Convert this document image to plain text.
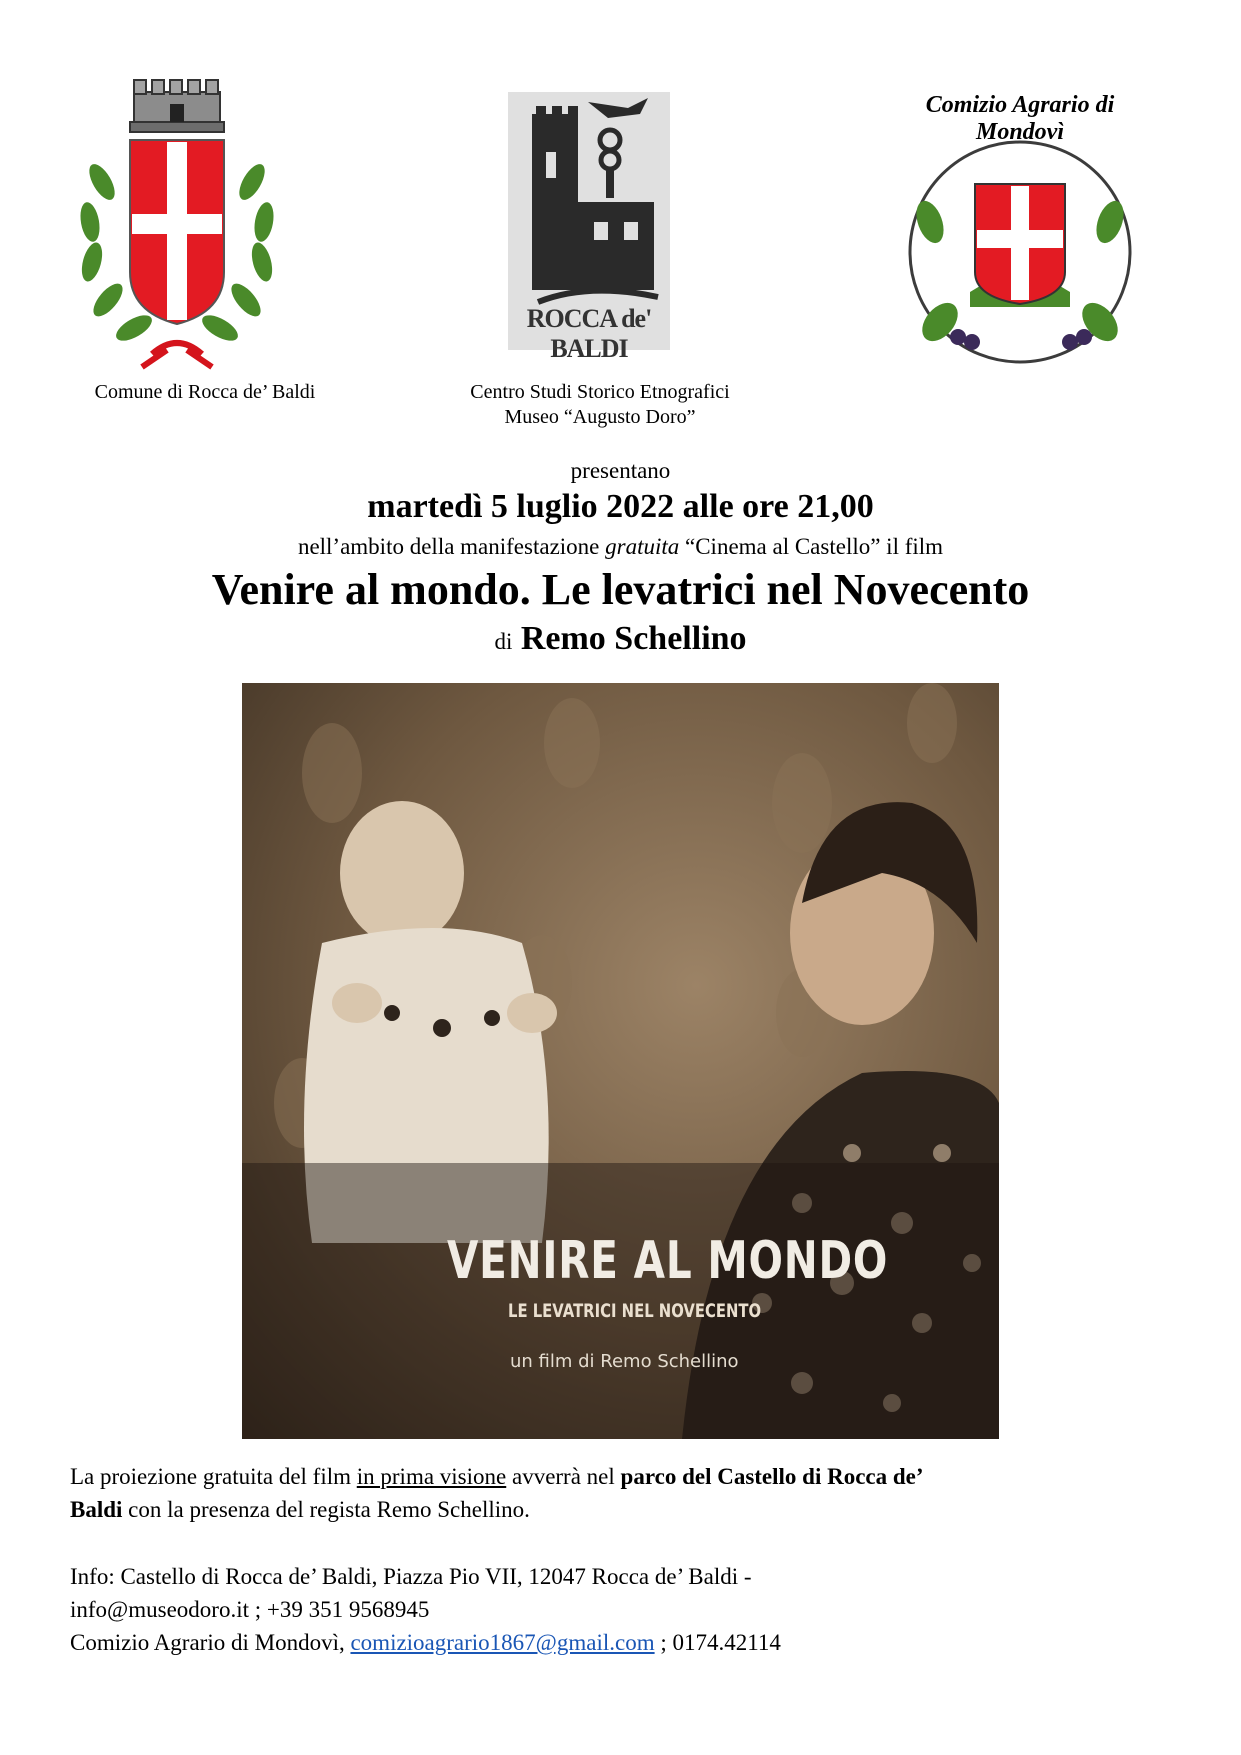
Comune di Rocca de’ Baldi
ROCCA de' BALDI
Centro Studi Storico Etnografici
Museo “Augusto Doro”
Comizio Agrario di Mondovì
presentano
martedì 5 luglio 2022 alle ore 21,00
nell’ambito della manifestazione gratuita “Cinema al Castello” il film
Venire al mondo. Le levatrici nel Novecento
di Remo Schellino
VENIRE AL MONDO
LE LEVATRICI NEL NOVECENTO
un film di Remo Schellino
La proiezione gratuita del film in prima visione avverrà nel parco del Castello di Rocca de’
Baldi con la presenza del regista Remo Schellino.
Info: Castello di Rocca de’ Baldi, Piazza Pio VII, 12047 Rocca de’ Baldi -
info@museodoro.it ; +39 351 9568945
Comizio Agrario di Mondovì, comizioagrario1867@gmail.com ; 0174.42114
